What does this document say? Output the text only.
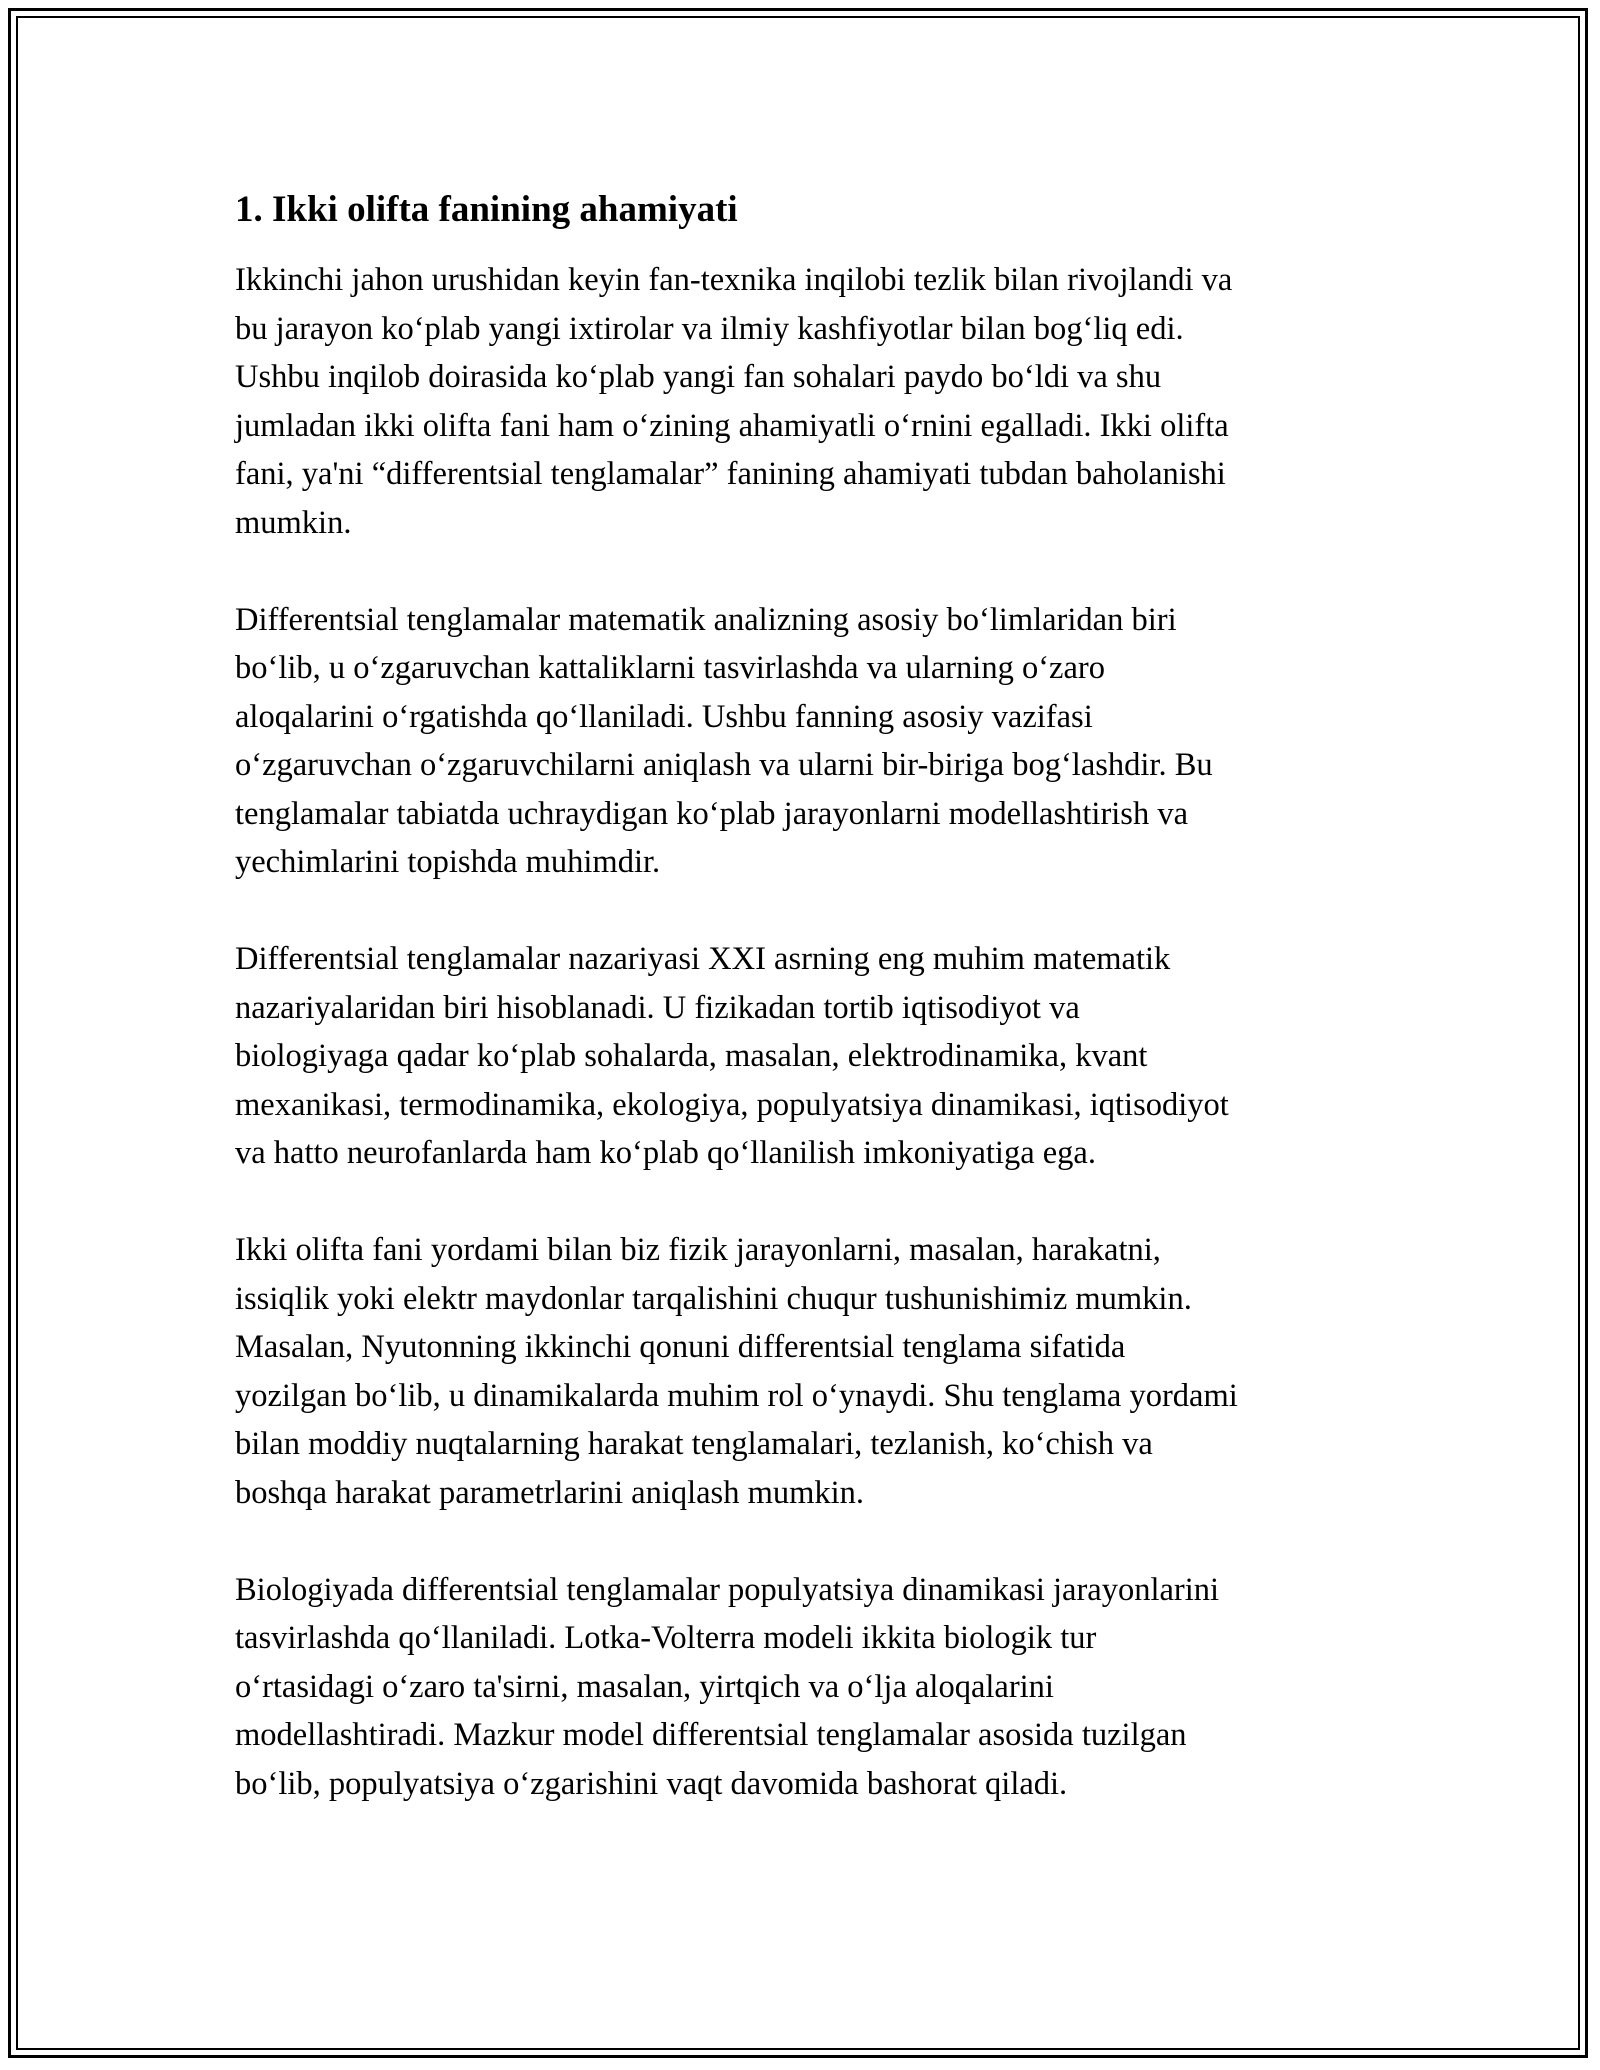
1. Ikki olifta fanining ahamiyati

Ikkinchi jahon urushidan keyin fan-texnika inqilobi tezlik bilan rivojlandi va
bu jarayon ko‘plab yangi ixtirolar va ilmiy kashfiyotlar bilan bog‘liq edi.
Ushbu inqilob doirasida ko‘plab yangi fan sohalari paydo bo‘ldi va shu
jumladan ikki olifta fani ham o‘zining ahamiyatli o‘rnini egalladi. Ikki olifta
fani, ya'ni “differentsial tenglamalar” fanining ahamiyati tubdan baholanishi
mumkin.

Differentsial tenglamalar matematik analizning asosiy bo‘limlaridan biri
bo‘lib, u o‘zgaruvchan kattaliklarni tasvirlashda va ularning o‘zaro
aloqalarini o‘rgatishda qo‘llaniladi. Ushbu fanning asosiy vazifasi
o‘zgaruvchan o‘zgaruvchilarni aniqlash va ularni bir-biriga bog‘lashdir. Bu
tenglamalar tabiatda uchraydigan ko‘plab jarayonlarni modellashtirish va
yechimlarini topishda muhimdir.

Differentsial tenglamalar nazariyasi XXI asrning eng muhim matematik
nazariyalaridan biri hisoblanadi. U fizikadan tortib iqtisodiyot va
biologiyaga qadar ko‘plab sohalarda, masalan, elektrodinamika, kvant
mexanikasi, termodinamika, ekologiya, populyatsiya dinamikasi, iqtisodiyot
va hatto neurofanlarda ham ko‘plab qo‘llanilish imkoniyatiga ega.

Ikki olifta fani yordami bilan biz fizik jarayonlarni, masalan, harakatni,
issiqlik yoki elektr maydonlar tarqalishini chuqur tushunishimiz mumkin.
Masalan, Nyutonning ikkinchi qonuni differentsial tenglama sifatida
yozilgan bo‘lib, u dinamikalarda muhim rol o‘ynaydi. Shu tenglama yordami
bilan moddiy nuqtalarning harakat tenglamalari, tezlanish, ko‘chish va
boshqa harakat parametrlarini aniqlash mumkin.

Biologiyada differentsial tenglamalar populyatsiya dinamikasi jarayonlarini
tasvirlashda qo‘llaniladi. Lotka-Volterra modeli ikkita biologik tur
o‘rtasidagi o‘zaro ta'sirni, masalan, yirtqich va o‘lja aloqalarini
modellashtiradi. Mazkur model differentsial tenglamalar asosida tuzilgan
bo‘lib, populyatsiya o‘zgarishini vaqt davomida bashorat qiladi.
